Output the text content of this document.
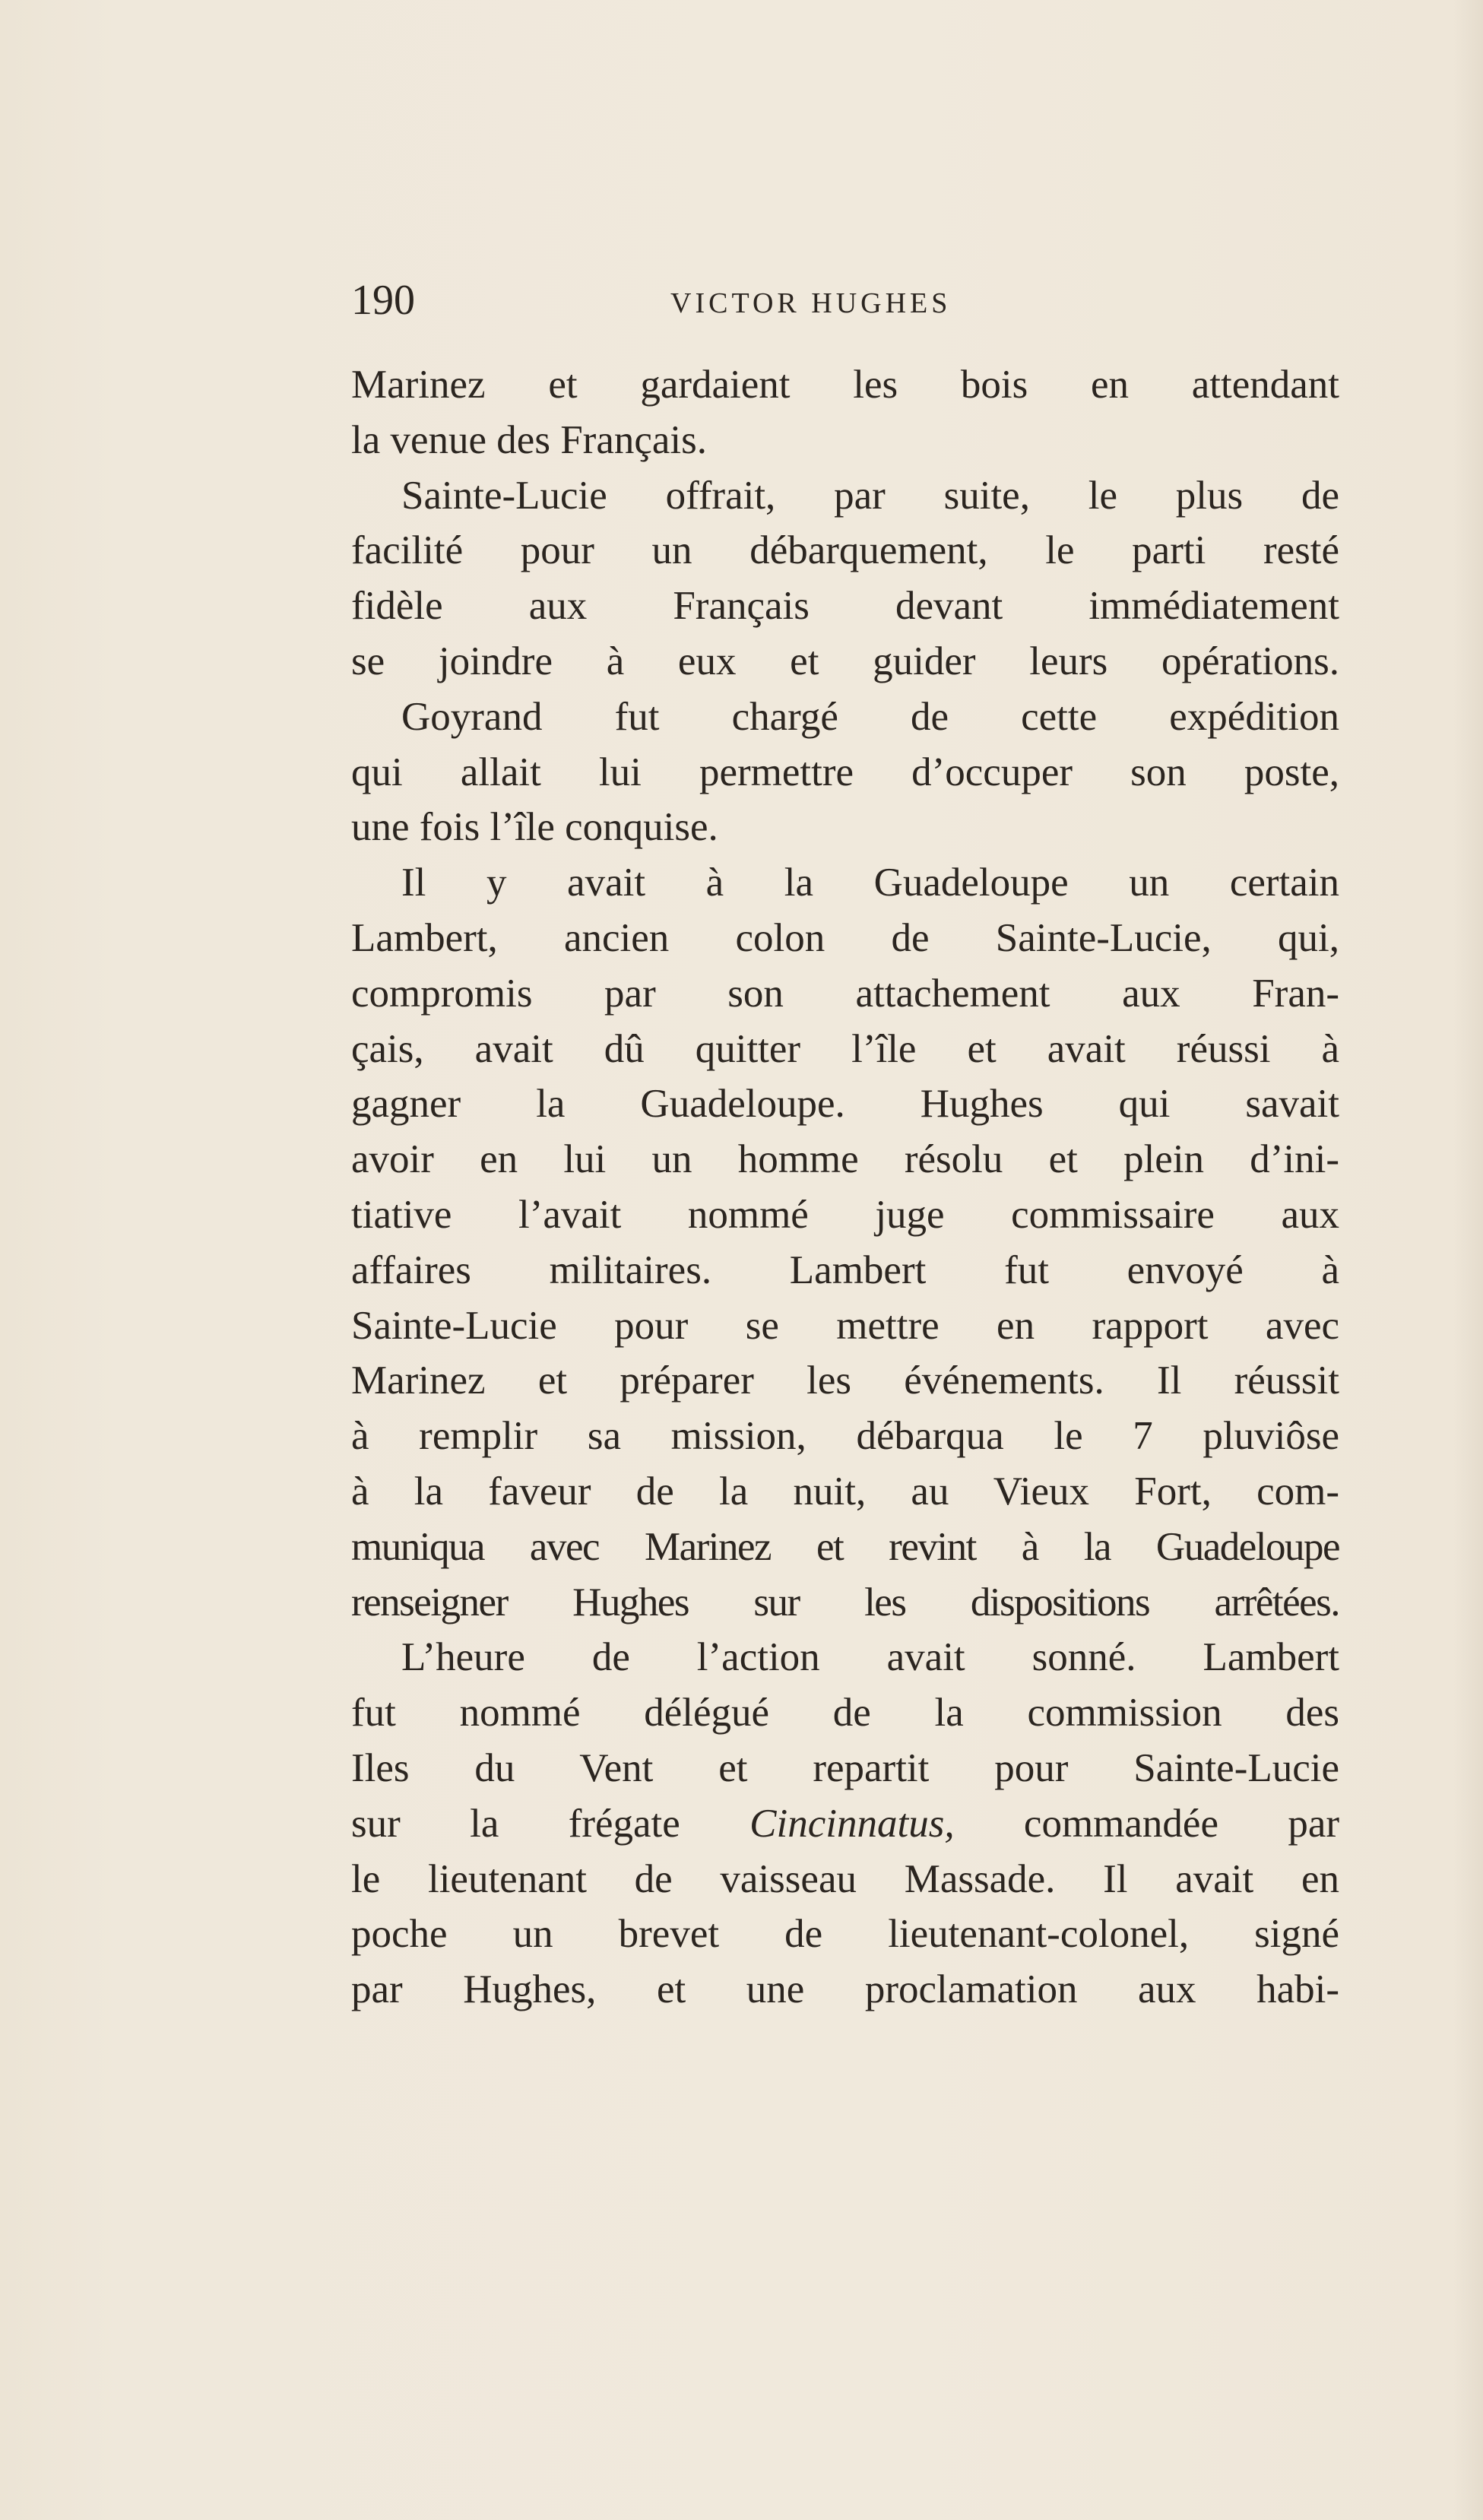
190	VICTOR HUGHES
Marinez et gardaient les bois en attendant
la venue des Français.
Sainte-Lucie offrait, par suite, le plus de
facilité pour un débarquement, le parti resté
fidèle aux Français devant immédiatement
se joindre à eux et guider leurs opérations.
Goyrand fut chargé de cette expédition
qui allait lui permettre d’occuper son poste,
une fois l’île conquise.
Il y avait à la Guadeloupe un certain
Lambert, ancien colon de Sainte-Lucie, qui,
compromis par son attachement aux Fran-
çais, avait dû quitter l’île et avait réussi à
gagner la Guadeloupe. Hughes qui savait
avoir en lui un homme résolu et plein d’ini-
tiative l’avait nommé juge commissaire aux
affaires militaires. Lambert fut envoyé à
Sainte-Lucie pour se mettre en rapport avec
Marinez et préparer les événements. Il réussit
à remplir sa mission, débarqua le 7 pluviôse
à la faveur de la nuit, au Vieux Fort, com-
muniqua avec Marinez et revint à la Guadeloupe
renseigner Hughes sur les dispositions arrêtées.
L’heure de l’action avait sonné. Lambert
fut nommé délégué de la commission des
Iles du Vent et repartit pour Sainte-Lucie
sur la frégate Cincinnatus, commandée par
le lieutenant de vaisseau Massade. Il avait en
poche un brevet de lieutenant-colonel, signé
par Hughes, et une proclamation aux habi-
